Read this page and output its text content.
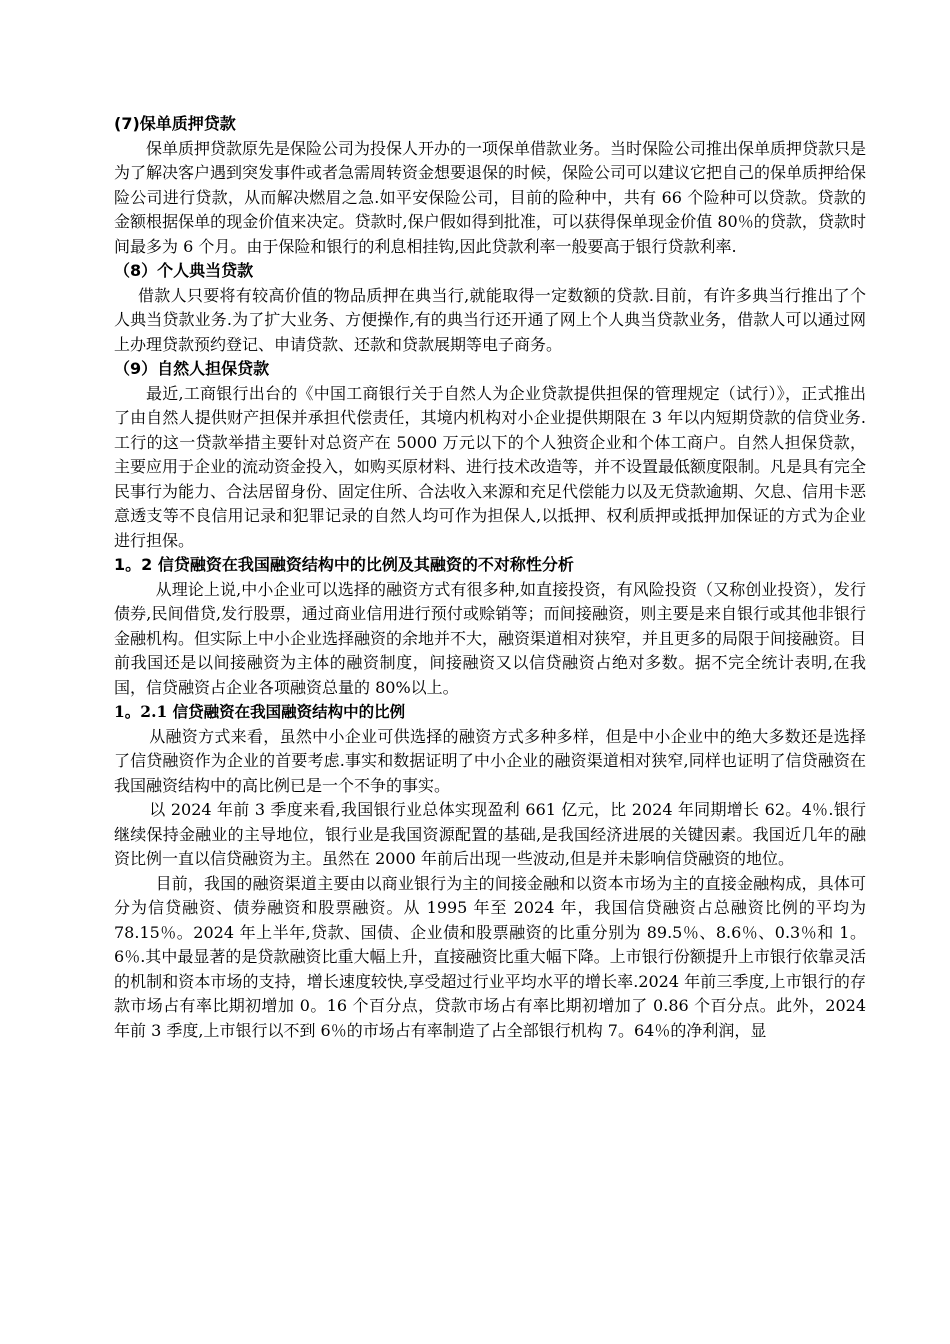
(7)保单质押贷款

保单质押贷款原先是保险公司为投保人开办的一项保单借款业务。当时保险公司推出保单质押贷款只是为了解决客户遇到突发事件或者急需周转资金想要退保的时候，保险公司可以建议它把自己的保单质押给保险公司进行贷款，从而解决燃眉之急.如平安保险公司，目前的险种中，共有 66 个险种可以贷款。贷款的金额根据保单的现金价值来决定。贷款时,保户假如得到批准，可以获得保单现金价值 80％的贷款，贷款时间最多为 6 个月。由于保险和银行的利息相挂钩,因此贷款利率一般要高于银行贷款利率.

（8）个人典当贷款

借款人只要将有较高价值的物品质押在典当行,就能取得一定数额的贷款.目前，有许多典当行推出了个人典当贷款业务.为了扩大业务、方便操作,有的典当行还开通了网上个人典当贷款业务，借款人可以通过网上办理贷款预约登记、申请贷款、还款和贷款展期等电子商务。

（9）自然人担保贷款

最近,工商银行出台的《中国工商银行关于自然人为企业贷款提供担保的管理规定（试行）》，正式推出了由自然人提供财产担保并承担代偿责任，其境内机构对小企业提供期限在 3 年以内短期贷款的信贷业务.工行的这一贷款举措主要针对总资产在 5000 万元以下的个人独资企业和个体工商户。自然人担保贷款，主要应用于企业的流动资金投入，如购买原材料、进行技术改造等，并不设置最低额度限制。凡是具有完全民事行为能力、合法居留身份、固定住所、合法收入来源和充足代偿能力以及无贷款逾期、欠息、信用卡恶意透支等不良信用记录和犯罪记录的自然人均可作为担保人,以抵押、权利质押或抵押加保证的方式为企业进行担保。

1。2 信贷融资在我国融资结构中的比例及其融资的不对称性分析

从理论上说,中小企业可以选择的融资方式有很多种,如直接投资，有风险投资（又称创业投资），发行债券,民间借贷,发行股票，通过商业信用进行预付或赊销等；而间接融资，则主要是来自银行或其他非银行金融机构。但实际上中小企业选择融资的余地并不大，融资渠道相对狭窄，并且更多的局限于间接融资。目前我国还是以间接融资为主体的融资制度，间接融资又以信贷融资占绝对多数。据不完全统计表明,在我国，信贷融资占企业各项融资总量的 80%以上。

1。2.1 信贷融资在我国融资结构中的比例

从融资方式来看，虽然中小企业可供选择的融资方式多种多样，但是中小企业中的绝大多数还是选择了信贷融资作为企业的首要考虑.事实和数据证明了中小企业的融资渠道相对狭窄,同样也证明了信贷融资在我国融资结构中的高比例已是一个不争的事实。

以 2024 年前 3 季度来看,我国银行业总体实现盈利 661 亿元，比 2024 年同期增长 62。4％.银行继续保持金融业的主导地位，银行业是我国资源配置的基础,是我国经济进展的关键因素。我国近几年的融资比例一直以信贷融资为主。虽然在 2000 年前后出现一些波动,但是并未影响信贷融资的地位。

目前，我国的融资渠道主要由以商业银行为主的间接金融和以资本市场为主的直接金融构成，具体可分为信贷融资、债券融资和股票融资。从 1995 年至 2024 年，我国信贷融资占总融资比例的平均为 78.15％。2024 年上半年,贷款、国债、企业债和股票融资的比重分别为 89.5％、8.6％、0.3％和 1。6％.其中最显著的是贷款融资比重大幅上升，直接融资比重大幅下降。上市银行份额提升上市银行依靠灵活的机制和资本市场的支持，增长速度较快,享受超过行业平均水平的增长率.2024 年前三季度,上市银行的存款市场占有率比期初增加 0。16 个百分点，贷款市场占有率比期初增加了 0.86 个百分点。此外，2024 年前 3 季度,上市银行以不到 6％的市场占有率制造了占全部银行机构 7。64％的净利润，显
